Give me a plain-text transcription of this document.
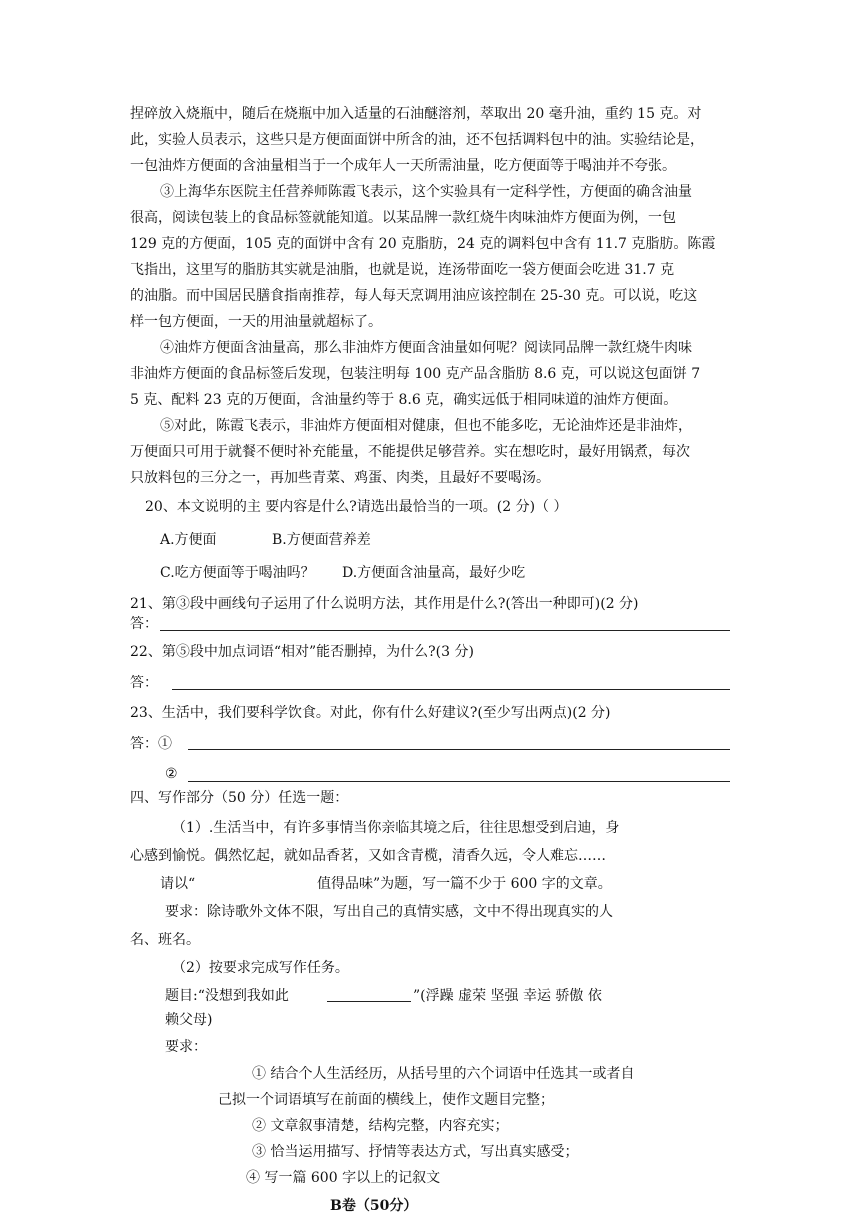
捏碎放入烧瓶中，随后在烧瓶中加入适量的石油醚溶剂，萃取出 20 毫升油，重约 15 克。对
此，实验人员表示，这些只是方便面面饼中所含的油，还不包括调料包中的油。实验结论是，
一包油炸方便面的含油量相当于一个成年人一天所需油量，吃方便面等于喝油并不夸张。
③上海华东医院主任营养师陈霞飞表示，这个实验具有一定科学性，方便面的确含油量
很高，阅读包装上的食品标签就能知道。以某品牌一款红烧牛肉味油炸方便面为例，一包
129 克的方便面，105 克的面饼中含有 20 克脂肪，24 克的调料包中含有 11.7 克脂肪。陈霞
飞指出，这里写的脂肪其实就是油脂，也就是说，连汤带面吃一袋方便面会吃进 31.7 克
的油脂。而中国居民膳食指南推荐，每人每天烹调用油应该控制在 25-30 克。可以说，吃这
样一包方便面，一天的用油量就超标了。
④油炸方便面含油量高，那么非油炸方便面含油量如何呢？阅读同品牌一款红烧牛肉味
非油炸方便面的食品标签后发现，包装注明每 100 克产品含脂肪 8.6 克，可以说这包面饼 7
5 克、配料 23 克的万便面，含油量约等于 8.6 克，确实远低于相同味道的油炸方便面。
⑤对此，陈霞飞表示，非油炸方便面相对健康，但也不能多吃，无论油炸还是非油炸，
万便面只可用于就餐不便时补充能量，不能提供足够营养。实在想吃时，最好用锅煮，每次
只放料包的三分之一，再加些青菜、鸡蛋、肉类，且最好不要喝汤。
20、本文说明的主 要内容是什么?请选出最恰当的一项。(2 分)（ ）
A.方便面	B.方便面营养差
C.吃方便面等于喝油吗？ D.方便面含油量高，最好少吃
21、第③段中画线句子运用了什么说明方法，其作用是什么?(答出一种即可)(2 分)
答：
22、第⑤段中加点词语“相对”能否删掉，为什么?(3 分)
答：
23、生活中，我们要科学饮食。对此，你有什么好建议?(至少写出两点)(2 分)
答：①
②
四、写作部分（50 分）任选一题：
（1）.生活当中，有许多事情当你亲临其境之后，往往思想受到启迪，身
心感到愉悦。偶然忆起，就如品香茗，又如含青榄，清香久远，令人难忘……
请以“	值得品味”为题，写一篇不少于 600 字的文章。
要求：除诗歌外文体不限，写出自己的真情实感，文中不得出现真实的人
名、班名。
（2）按要求完成写作任务。
题目:“没想到我如此	”(浮躁 虚荣 坚强 幸运 骄傲 依
赖父母)
要求：
① 结合个人生活经历，从括号里的六个词语中任选其一或者自
己拟一个词语填写在前面的横线上，使作文题目完整；
② 文章叙事清楚，结构完整，内容充实；
③ 恰当运用描写、抒情等表达方式，写出真实感受；
④ 写一篇 600 字以上的记叙文
B卷（50分）
